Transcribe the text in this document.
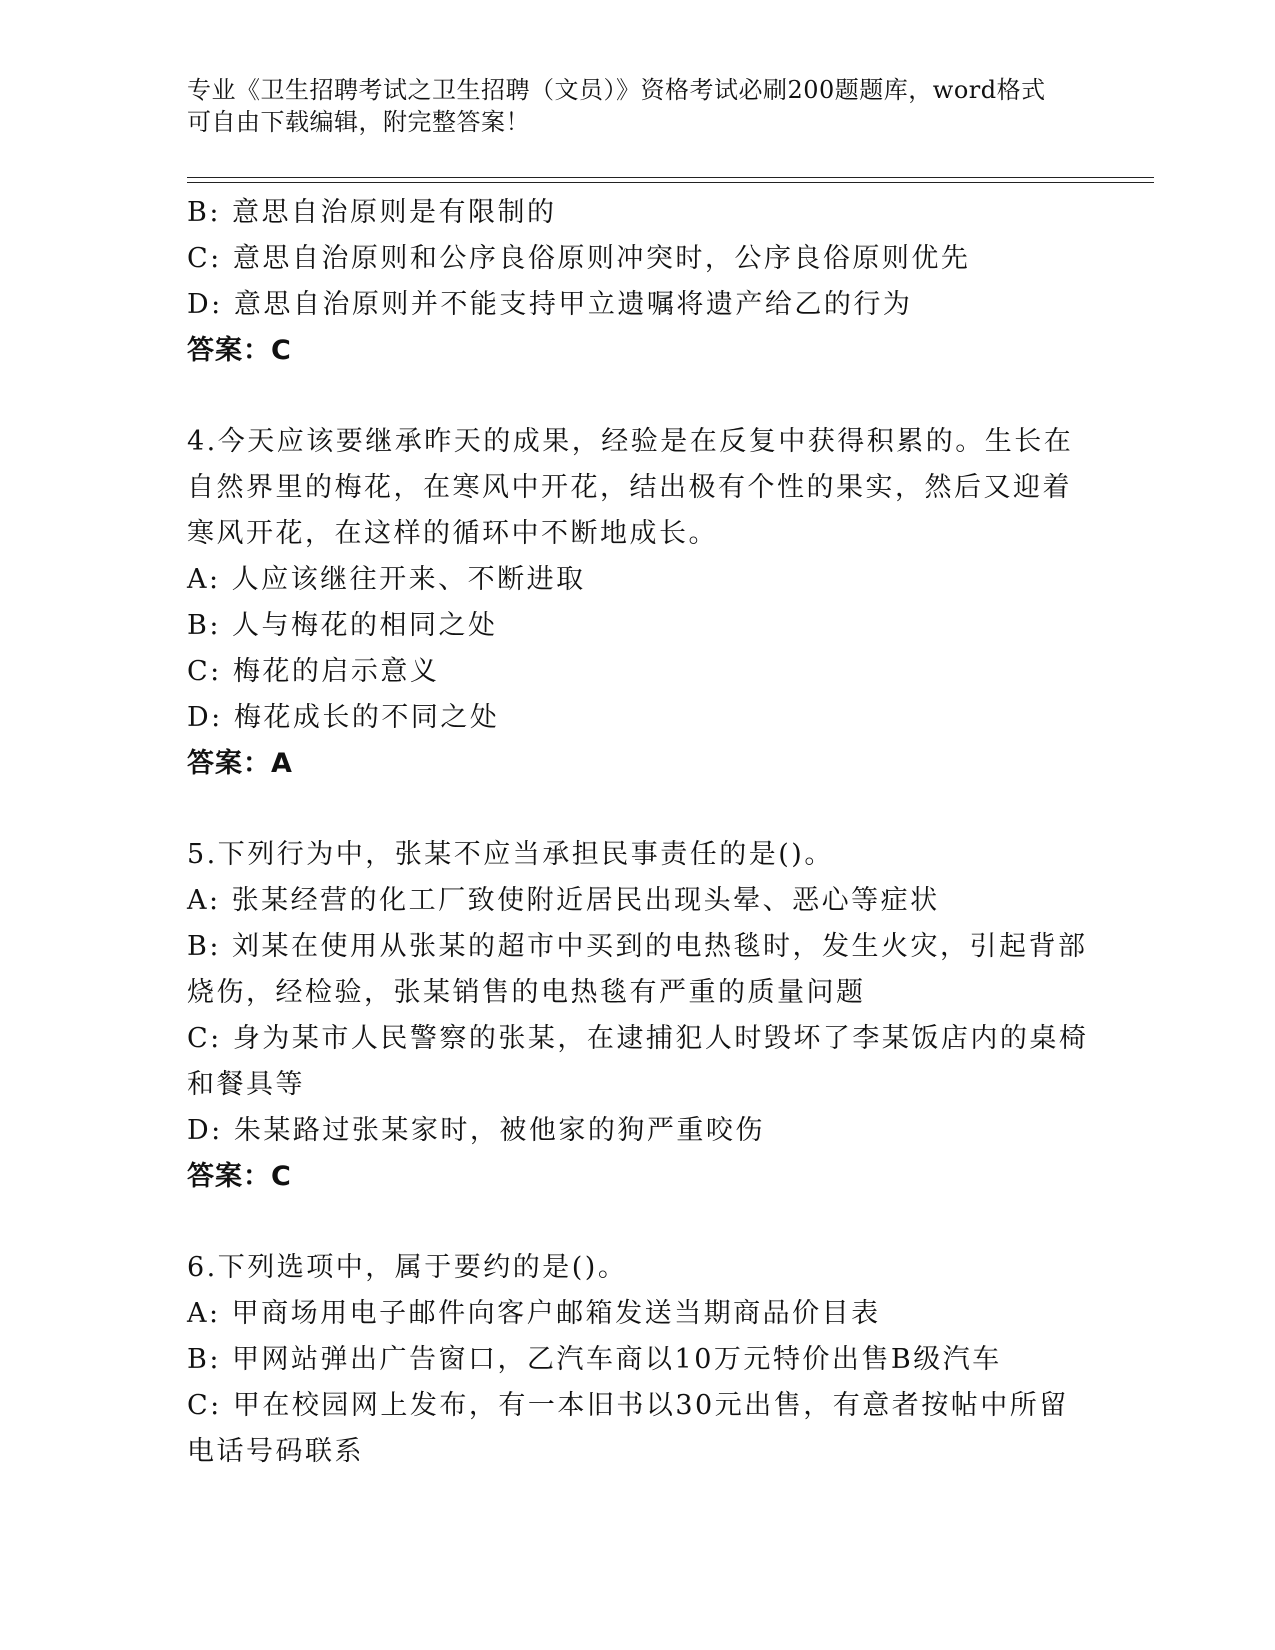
专业《卫生招聘考试之卫生招聘（文员）》资格考试必刷200题题库，word格式
可自由下载编辑，附完整答案！
B: 意思自治原则是有限制的
C: 意思自治原则和公序良俗原则冲突时，公序良俗原则优先
D: 意思自治原则并不能支持甲立遗嘱将遗产给乙的行为
答案：C
4.今天应该要继承昨天的成果，经验是在反复中获得积累的。生长在
自然界里的梅花，在寒风中开花，结出极有个性的果实，然后又迎着
寒风开花，在这样的循环中不断地成长。
A: 人应该继往开来、不断进取
B: 人与梅花的相同之处
C: 梅花的启示意义
D: 梅花成长的不同之处
答案：A
5.下列行为中，张某不应当承担民事责任的是()。
A: 张某经营的化工厂致使附近居民出现头晕、恶心等症状
B: 刘某在使用从张某的超市中买到的电热毯时，发生火灾，引起背部
烧伤，经检验，张某销售的电热毯有严重的质量问题
C: 身为某市人民警察的张某，在逮捕犯人时毁坏了李某饭店内的桌椅
和餐具等
D: 朱某路过张某家时，被他家的狗严重咬伤
答案：C
6.下列选项中，属于要约的是()。
A: 甲商场用电子邮件向客户邮箱发送当期商品价目表
B: 甲网站弹出广告窗口，乙汽车商以10万元特价出售B级汽车
C: 甲在校园网上发布，有一本旧书以30元出售，有意者按帖中所留
电话号码联系
